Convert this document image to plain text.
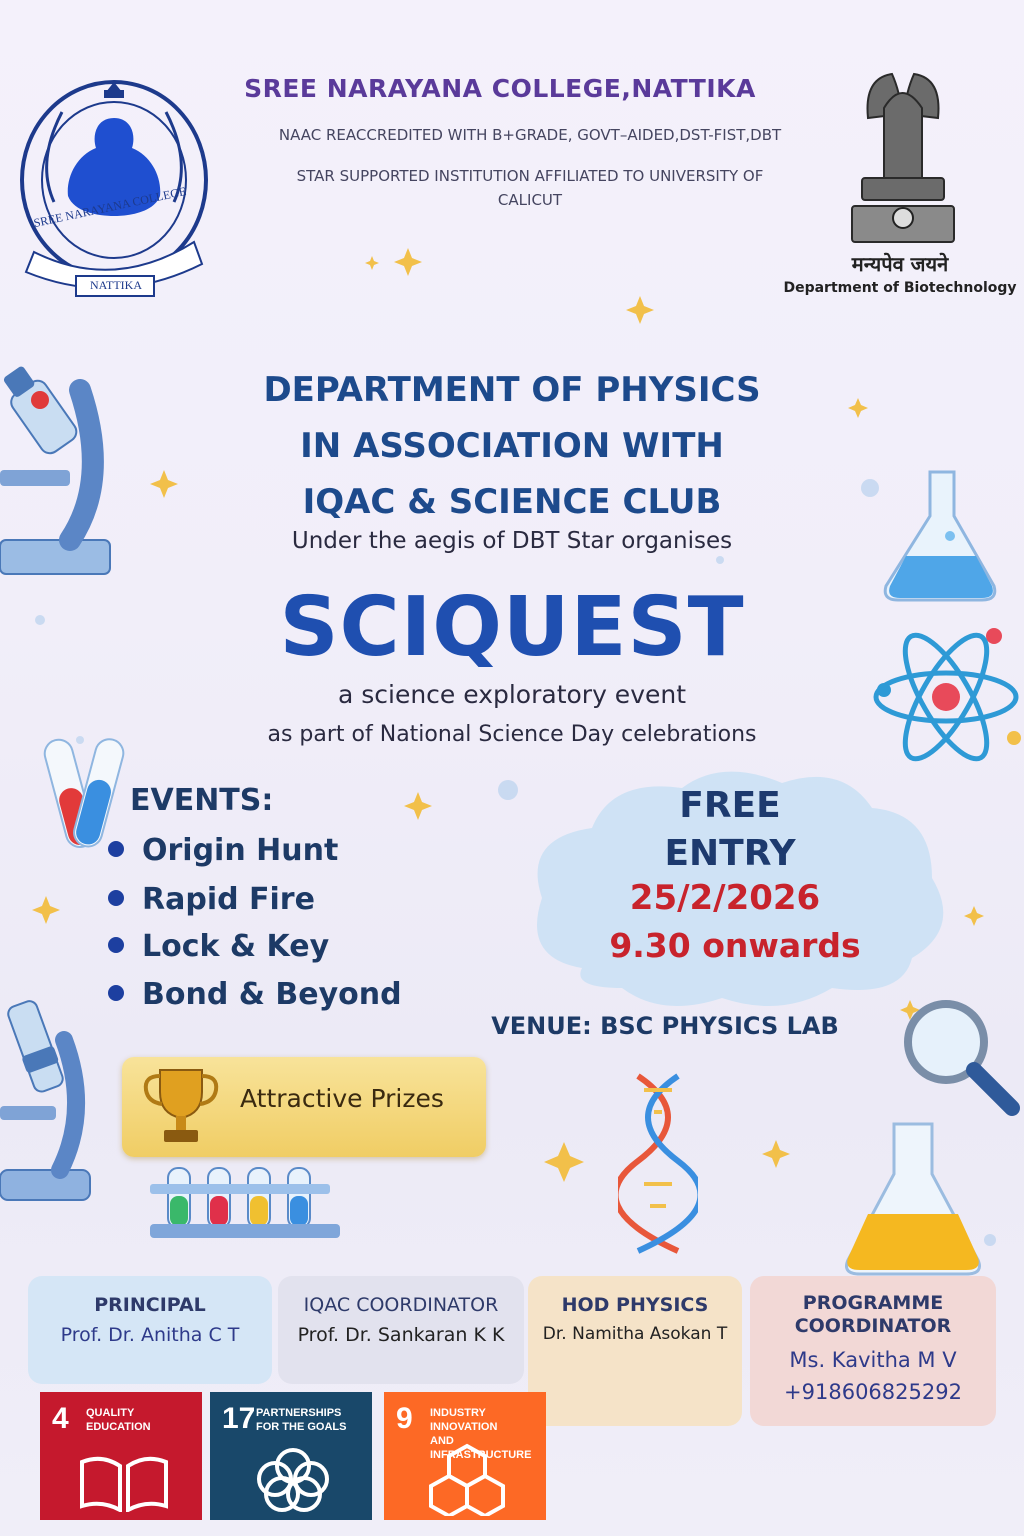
SREE NARAYANA COLLEGE
NATTIKA
SREE NARAYANA COLLEGE,NATTIKA
NAAC REACCREDITED WITH B+GRADE, GOVT–AIDED,DST-FIST,DBT
STAR SUPPORTED INSTITUTION AFFILIATED TO UNIVERSITY OF
CALICUT
मन्यपेव जयने
Department of Biotechnology
DEPARTMENT OF PHYSICS
IN ASSOCIATION WITH
IQAC & SCIENCE CLUB
Under the aegis of DBT Star organises
SCIQUEST
a science exploratory event
as part of National Science Day celebrations
EVENTS:
Origin Hunt
Rapid Fire
Lock & Key
Bond & Beyond
FREE
ENTRY
25/2/2026
9.30 onwards
VENUE: BSC PHYSICS LAB
Attractive Prizes
PRINCIPAL
Prof. Dr. Anitha C T
IQAC COORDINATOR
Prof. Dr. Sankaran K K
HOD PHYSICS
Dr. Namitha Asokan T
PROGRAMME
COORDINATOR
Ms. Kavitha M V
+918606825292
4 QUALITY
EDUCATION	17 PARTNERSHIPS
FOR THE GOALS	9 INDUSTRY INNOVATION
AND INFRASTRUCTURE
